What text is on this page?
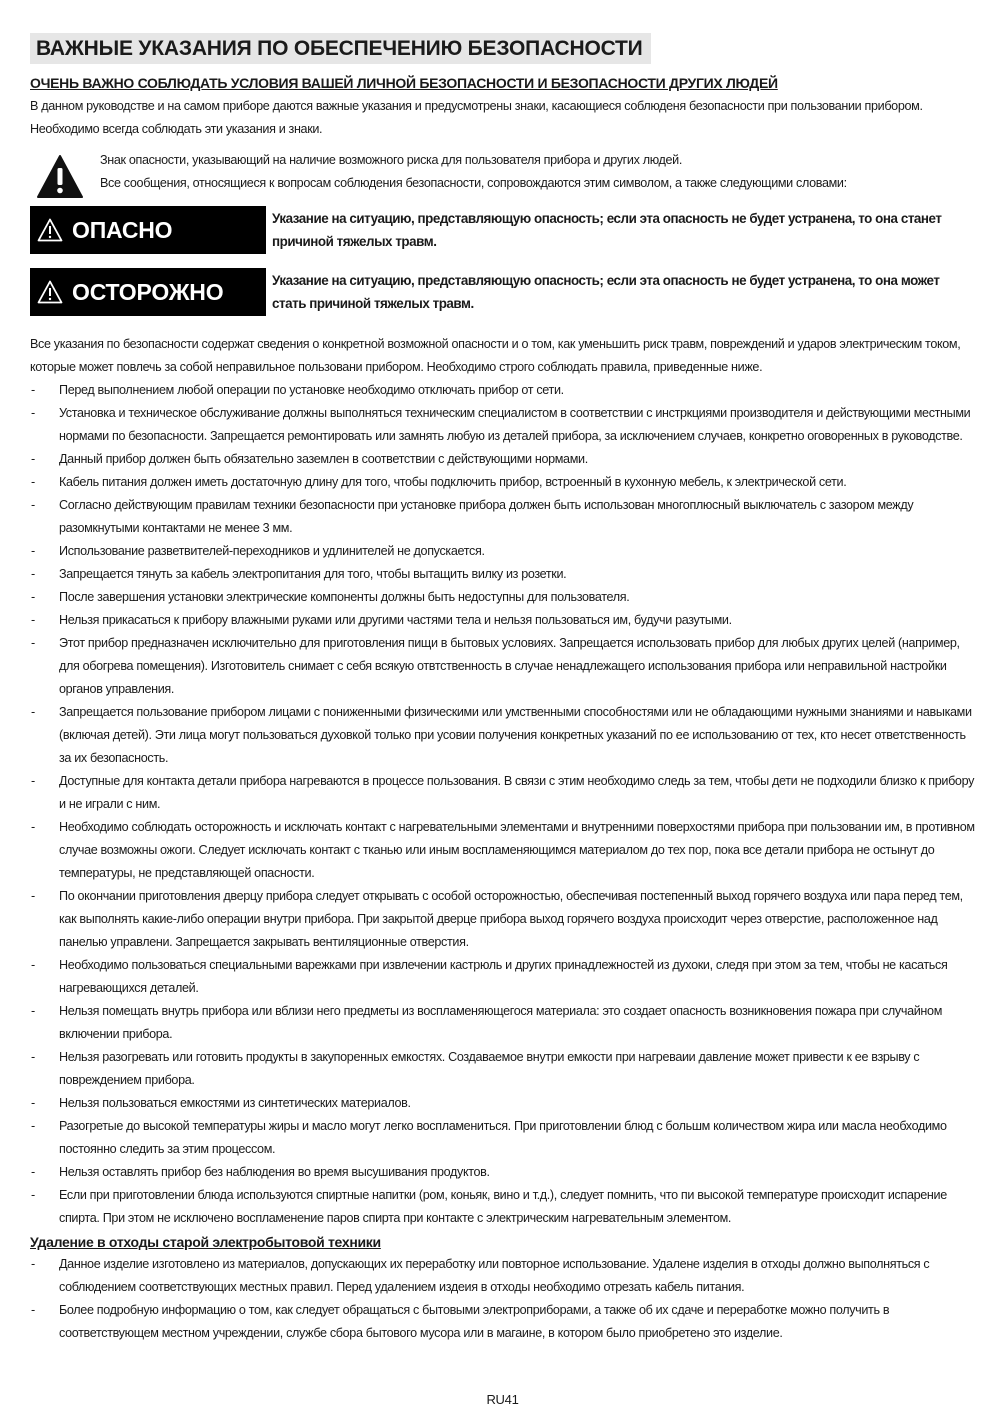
ВАЖНЫЕ УКАЗАНИЯ ПО ОБЕСПЕЧЕНИЮ БЕЗОПАСНОСТИ
ОЧЕНЬ ВАЖНО СОБЛЮДАТЬ УСЛОВИЯ ВАШЕЙ ЛИЧНОЙ БЕЗОПАСНОСТИ И БЕЗОПАСНОСТИ ДРУГИХ ЛЮДЕЙ

В данном руководстве и на самом приборе даются важные указания и предусмотрены знаки, касающиеся соблюденя безопасности при пользовании прибором. Необходимо всегда соблюдать эти указания и знаки.

Знак опасности, указывающий на наличие возможного риска для пользователя прибора и других людей.

Все сообщения, относящиеся к вопросам соблюдения безопасности, сопровождаются этим символом, а также следующими словами:

ОПАСНО	Указание на ситуацию, представляющую опасность; если эта опасность не будет устранена, то она станет причиной тяжелых травм.
ОСТОРОЖНО	Указание на ситуацию, представляющую опасность; если эта опасность не будет устранена, то она может стать причиной тяжелых травм.

Все указания по безопасности содержат сведения о конкретной возможной опасности и о том, как уменьшить риск травм, повреждений и ударов электрическим током, которые может повлечь за собой неправильное пользовани прибором. Необходимо строго соблюдать правила, приведенные ниже.

- Перед выполнением любой операции по установке необходимо отключать прибор от сети.
- Установка и техническое обслуживание должны выполняться техническим специалистом в соответствии с инстркциями производителя и действующими местными нормами по безопасности. Запрещается ремонтировать или замнять любую из деталей прибора, за исключением случаев, конкретно оговоренных в руководстве.
- Данный прибор должен быть обязательно заземлен в соответствии с действующими нормами.
- Кабель питания должен иметь достаточную длину для того, чтобы подключить прибор, встроенный в кухонную мебель, к электрической сети.
- Согласно действующим правилам техники безопасности при установке прибора должен быть использован многоплюсный выключатель с зазором между разомкнутыми контактами не менее 3 мм.
- Использование разветвителей-переходников и удлинителей не допускается.
- Запрещается тянуть за кабель электропитания для того, чтобы вытащить вилку из розетки.
- После завершения установки электрические компоненты должны быть недоступны для пользователя.
- Нельзя прикасаться к прибору влажными руками или другими частями тела и нельзя пользоваться им, будучи разутыми.
- Этот прибор предназначен исключительно для приготовления пищи в бытовых условиях. Запрещается использовать прибор для любых других целей (например, для обогрева помещения). Изготовитель снимает с себя всякую отвтственность в случае ненадлежащего использования прибора или неправильной настройки органов управления.
- Запрещается пользование прибором лицами с пониженными физическими или умственными способностями или не обладающими нужными знаниями и навыками (включая детей). Эти лица могут пользоваться духовкой только при усовии получения конкретных указаний по ее использованию от тех, кто несет ответственность за их безопасность.
- Доступные для контакта детали прибора нагреваются в процессе пользования. В связи с этим необходимо следь за тем, чтобы дети не подходили близко к прибору и не играли с ним.
- Необходимо соблюдать осторожность и исключать контакт с нагревательными элементами и внутренними поверхостями прибора при пользовании им, в противном случае возможны ожоги. Следует исключать контакт с тканью или иным воспламеняющимся материалом до тех пор, пока все детали прибора не остынут до температуры, не представляющей опасности.
- По окончании приготовления дверцу прибора следует открывать с особой осторожностью, обеспечивая постепенный выход горячего воздуха или пара перед тем, как выполнять какие-либо операции внутри прибора. При закрытой дверце прибора выход горячего воздуха происходит через отверстие, расположенное над панелью управлени. Запрещается закрывать вентиляционные отверстия.
- Необходимо пользоваться специальными варежками при извлечении кастрюль и других принадлежностей из духоки, следя при этом за тем, чтобы не касаться нагревающихся деталей.
- Нельзя помещать внутрь прибора или вблизи него предметы из воспламеняющегося материала: это создает опасность возникновения пожара при случайном включении прибора.
- Нельзя разогревать или готовить продукты в закупоренных емкостях. Создаваемое внутри емкости при нагреваии давление может привести к ее взрыву с повреждением прибора.
- Нельзя пользоваться емкостями из синтетических материалов.
- Разогретые до высокой температуры жиры и масло могут легко воспламениться. При приготовлении блюд с большм количеством жира или масла необходимо постоянно следить за этим процессом.
- Нельзя оставлять прибор без наблюдения во время высушивания продуктов.
- Если при приготовлении блюда используются спиртные напитки (ром, коньяк, вино и т.д.), следует помнить, что пи высокой температуре происходит испарение спирта. При этом не исключено воспламенение паров спирта при контакте с электрическим нагревательным элементом.
Удаление в отходы старой электробытовой техники
- Данное изделие изготовлено из материалов, допускающих их переработку или повторное использование. Удалене изделия в отходы должно выполняться с соблюдением соответствующих местных правил. Перед удалением издеия в отходы необходимо отрезать кабель питания.
- Более подробную информацию о том, как следует обращаться с бытовыми электроприборами, а также об их сдаче и переработке можно получить в соответствующем местном учреждении, службе сбора бытового мусора или в магаине, в котором было приобретено это изделие.
RU41
